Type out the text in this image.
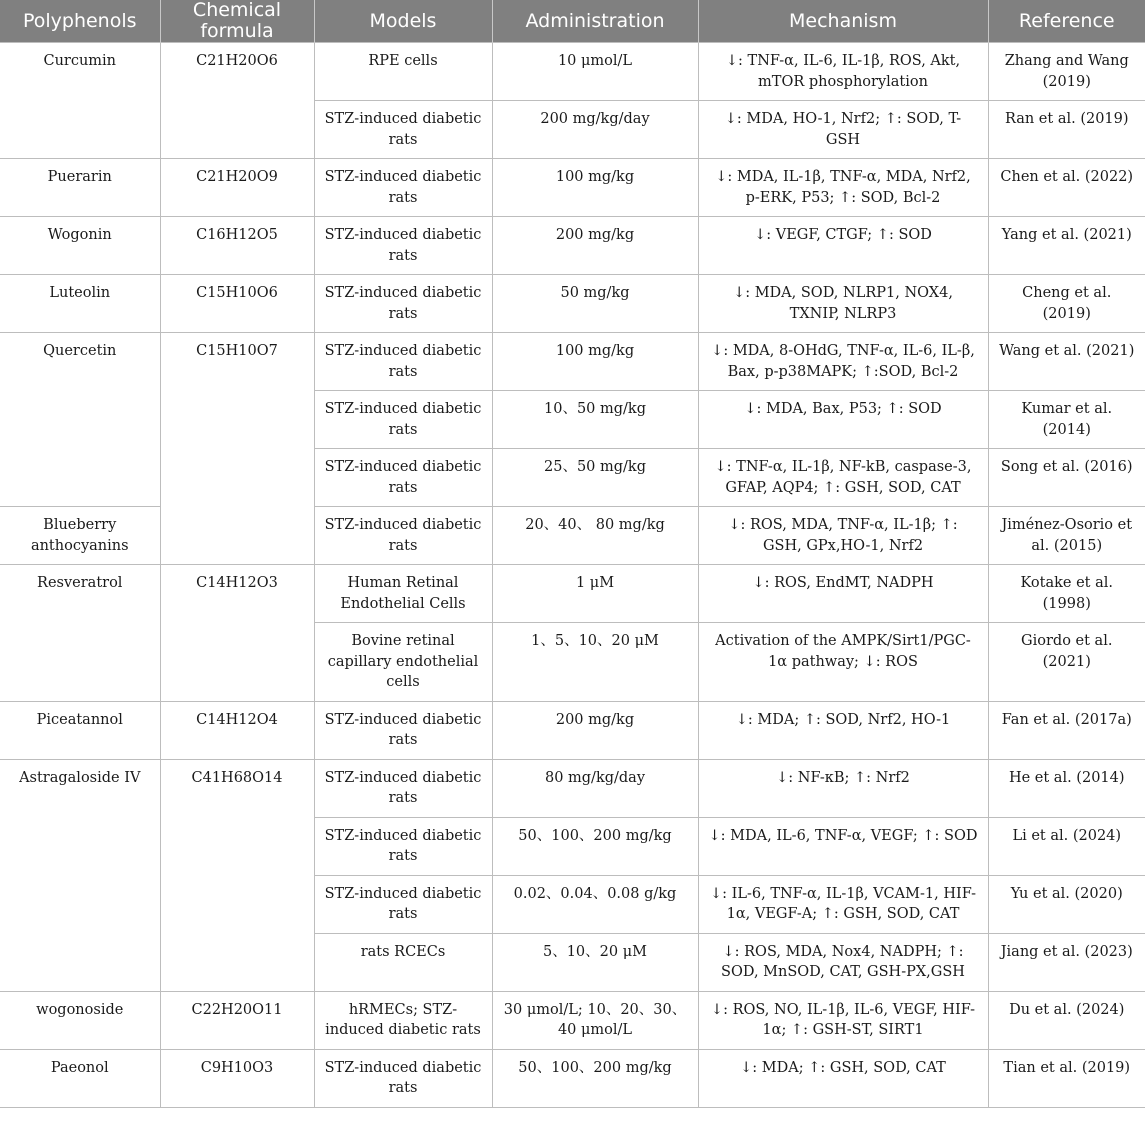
Polyphenols	Chemical formula	Models	Administration	Mechanism	Reference
Curcumin	C21H20O6	RPE cells	10 μmol/L	↓: TNF-α, IL-6, IL-1β, ROS, Akt, mTOR phosphorylation	Zhang and Wang (2019)
		STZ-induced diabetic rats	200 mg/kg/day	↓: MDA, HO-1, Nrf2; ↑: SOD, T-GSH	Ran et al. (2019)
Puerarin	C21H20O9	STZ-induced diabetic rats	100 mg/kg	↓: MDA, IL-1β, TNF-α, MDA, Nrf2, p-ERK, P53; ↑: SOD, Bcl-2	Chen et al. (2022)
Wogonin	C16H12O5	STZ-induced diabetic rats	200 mg/kg	↓: VEGF, CTGF; ↑: SOD	Yang et al. (2021)
Luteolin	C15H10O6	STZ-induced diabetic rats	50 mg/kg	↓: MDA, SOD, NLRP1, NOX4, TXNIP, NLRP3	Cheng et al. (2019)
Quercetin	C15H10O7	STZ-induced diabetic rats	100 mg/kg	↓: MDA, 8-OHdG, TNF-α, IL-6, IL-β, Bax, p-p38MAPK; ↑:SOD, Bcl-2	Wang et al. (2021)
		STZ-induced diabetic rats	10、50 mg/kg	↓: MDA, Bax, P53; ↑: SOD	Kumar et al. (2014)
		STZ-induced diabetic rats	25、50 mg/kg	↓: TNF-α, IL-1β, NF-kB, caspase-3, GFAP, AQP4; ↑: GSH, SOD, CAT	Song et al. (2016)
Blueberry anthocyanins		STZ-induced diabetic rats	20、40、 80 mg/kg	↓: ROS, MDA, TNF-α, IL-1β; ↑: GSH, GPx,HO-1, Nrf2	Jiménez-Osorio et al. (2015)
Resveratrol	C14H12O3	Human Retinal Endothelial Cells	1 μM	↓: ROS, EndMT, NADPH	Kotake et al. (1998)
		Bovine retinal capillary endothelial cells	1、5、10、20 μM	Activation of the AMPK/Sirt1/PGC-1α pathway; ↓: ROS	Giordo et al. (2021)
Piceatannol	C14H12O4	STZ-induced diabetic rats	200 mg/kg	↓: MDA; ↑: SOD, Nrf2, HO-1	Fan et al. (2017a)
Astragaloside IV	C41H68O14	STZ-induced diabetic rats	80 mg/kg/day	↓: NF-κB; ↑: Nrf2	He et al. (2014)
		STZ-induced diabetic rats	50、100、200 mg/kg	↓: MDA, IL-6, TNF-α, VEGF; ↑: SOD	Li et al. (2024)
		STZ-induced diabetic rats	0.02、0.04、0.08 g/kg	↓: IL-6, TNF-α, IL-1β, VCAM-1, HIF-1α, VEGF-A; ↑: GSH, SOD, CAT	Yu et al. (2020)
		rats RCECs	5、10、20 μM	↓: ROS, MDA, Nox4, NADPH; ↑: SOD, MnSOD, CAT, GSH-PX,GSH	Jiang et al. (2023)
wogonoside	C22H20O11	hRMECs; STZ-induced diabetic rats	30 μmol/L; 10、20、30、40 μmol/L	↓: ROS, NO, IL-1β, IL-6, VEGF, HIF-1α; ↑: GSH-ST, SIRT1	Du et al. (2024)
Paeonol	C9H10O3	STZ-induced diabetic rats	50、100、200 mg/kg	↓: MDA; ↑: GSH, SOD, CAT	Tian et al. (2019)
